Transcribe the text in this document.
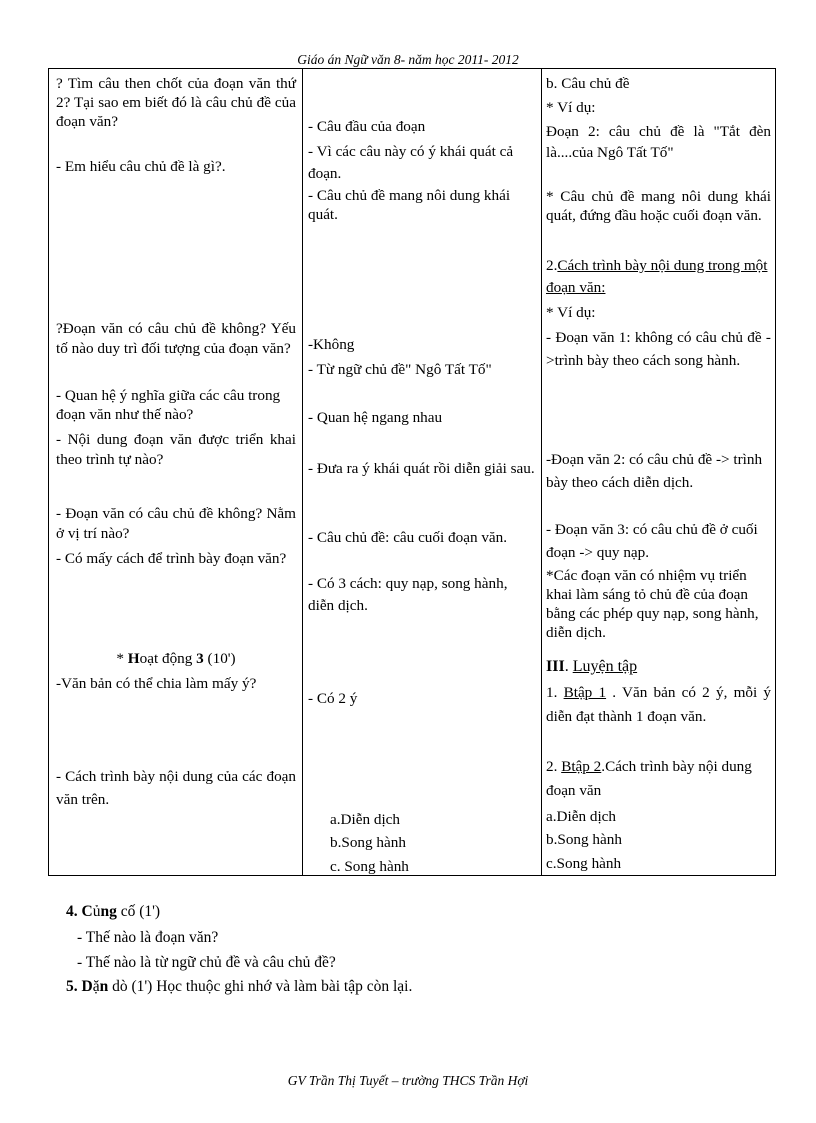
Giáo án Ngữ văn 8- năm học 2011- 2012

? Tìm câu then chốt của đoạn văn thứ 2? Tại sao em biết đó là câu chủ đề của đoạn văn?

- Em hiểu câu chủ đề là gì?.

?Đoạn văn có câu chủ đề không? Yếu tố nào duy trì đối tượng của đoạn văn?

- Quan hệ ý nghĩa giữa các câu trong đoạn văn như thế nào?

- Nội dung đoạn văn được triển khai theo trình tự nào?

- Đoạn văn có câu chủ đề không? Nằm ở vị trí nào?

- Có mấy cách để trình bày đoạn văn?

* Hoạt động 3 (10')

-Văn bản có thể chia làm mấy ý?

- Cách trình bày nội dung của các đoạn văn trên.

- Câu đầu của đoạn

- Vì các câu này có ý khái quát cả đoạn.

- Câu chủ đề mang nôi dung khái quát.

-Không

- Từ ngữ chủ đề" Ngô Tất Tố"

- Quan hệ ngang nhau

- Đưa ra ý khái quát rồi diễn giải sau.

- Câu chủ đề: câu cuối đoạn văn.

- Có 3 cách: quy nạp, song hành, diễn dịch.

- Có 2 ý

a.Diễn dịch

b.Song hành

c. Song hành

b. Câu chủ đề

* Ví dụ:

Đoạn 2: câu chủ đề là "Tắt đèn là....của Ngô Tất Tố"

* Câu chủ đề mang nôi dung khái quát, đứng đầu hoặc cuối đoạn văn.

2.Cách trình bày nội dung trong một đoạn văn:

* Ví dụ:

- Đoạn văn 1: không có câu chủ đề ->trình bày theo cách song hành.

-Đoạn văn 2: có câu chủ đề -> trình bày theo cách diễn dịch.

- Đoạn văn 3: có câu chủ đề ở cuối đoạn -> quy nạp.

*Các đoạn văn có nhiệm vụ triển khai làm sáng tỏ chủ đề của đoạn bằng các phép quy nạp, song hành, diễn dịch.

III. Luyện tập

1. Btập 1 . Văn bản có 2 ý, mỗi ý diễn đạt thành 1 đoạn văn.

2. Btập 2.Cách trình bày nội dung đoạn văn

a.Diễn dịch

b.Song hành

c.Song hành

4. Củng cố (1')
- Thế nào là đoạn văn?
- Thế nào là từ ngữ chủ đề và câu chủ đề?
5. Dặn dò (1') Học thuộc ghi nhớ và làm bài tập còn lại.
GV Trần Thị Tuyết – trường THCS Trần Hợi
